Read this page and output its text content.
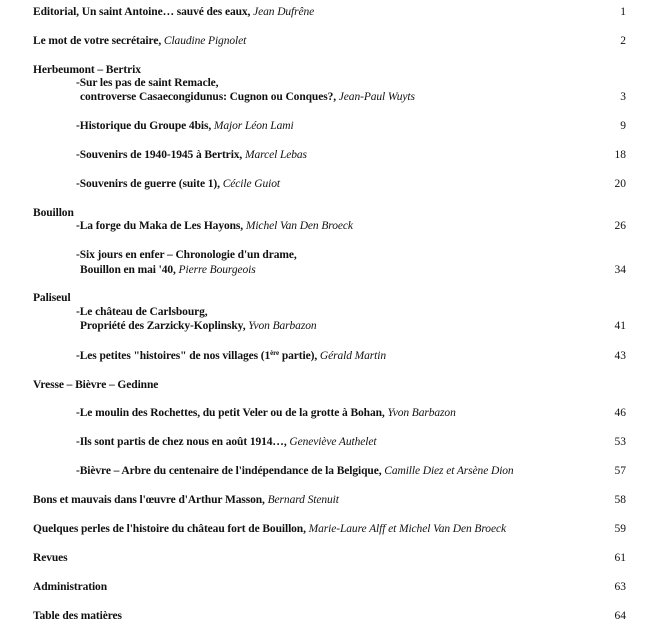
Editorial, Un saint Antoine… sauvé des eaux, Jean Dufrêne	1
Le mot de votre secrétaire, Claudine Pignolet	2
Herbeumont – Bertrix
-Sur les pas de saint Remacle,
controverse Casaecongidunus: Cugnon ou Conques?, Jean-Paul Wuyts	3
-Historique du Groupe 4bis, Major Léon Lami	9
-Souvenirs de 1940-1945 à Bertrix, Marcel Lebas	18
-Souvenirs de guerre (suite 1), Cécile Guiot	20
Bouillon
-La forge du Maka de Les Hayons, Michel Van Den Broeck	26
-Six jours en enfer – Chronologie d'un drame,
Bouillon en mai '40, Pierre Bourgeois	34
Paliseul
-Le château de Carlsbourg,
Propriété des Zarzicky-Koplinsky, Yvon Barbazon	41
-Les petites "histoires" de nos villages (1ère partie), Gérald Martin	43
Vresse – Bièvre – Gedinne
-Le moulin des Rochettes, du petit Veler ou de la grotte à Bohan, Yvon Barbazon	46
-Ils sont partis de chez nous en août 1914…, Geneviève Authelet	53
-Bièvre – Arbre du centenaire de l'indépendance de la Belgique, Camille Diez et Arsène Dion	57
Bons et mauvais dans l'œuvre d'Arthur Masson, Bernard Stenuit	58
Quelques perles de l'histoire du château fort de Bouillon, Marie-Laure Alff et Michel Van Den Broeck	59
Revues	61
Administration	63
Table des matières	64
